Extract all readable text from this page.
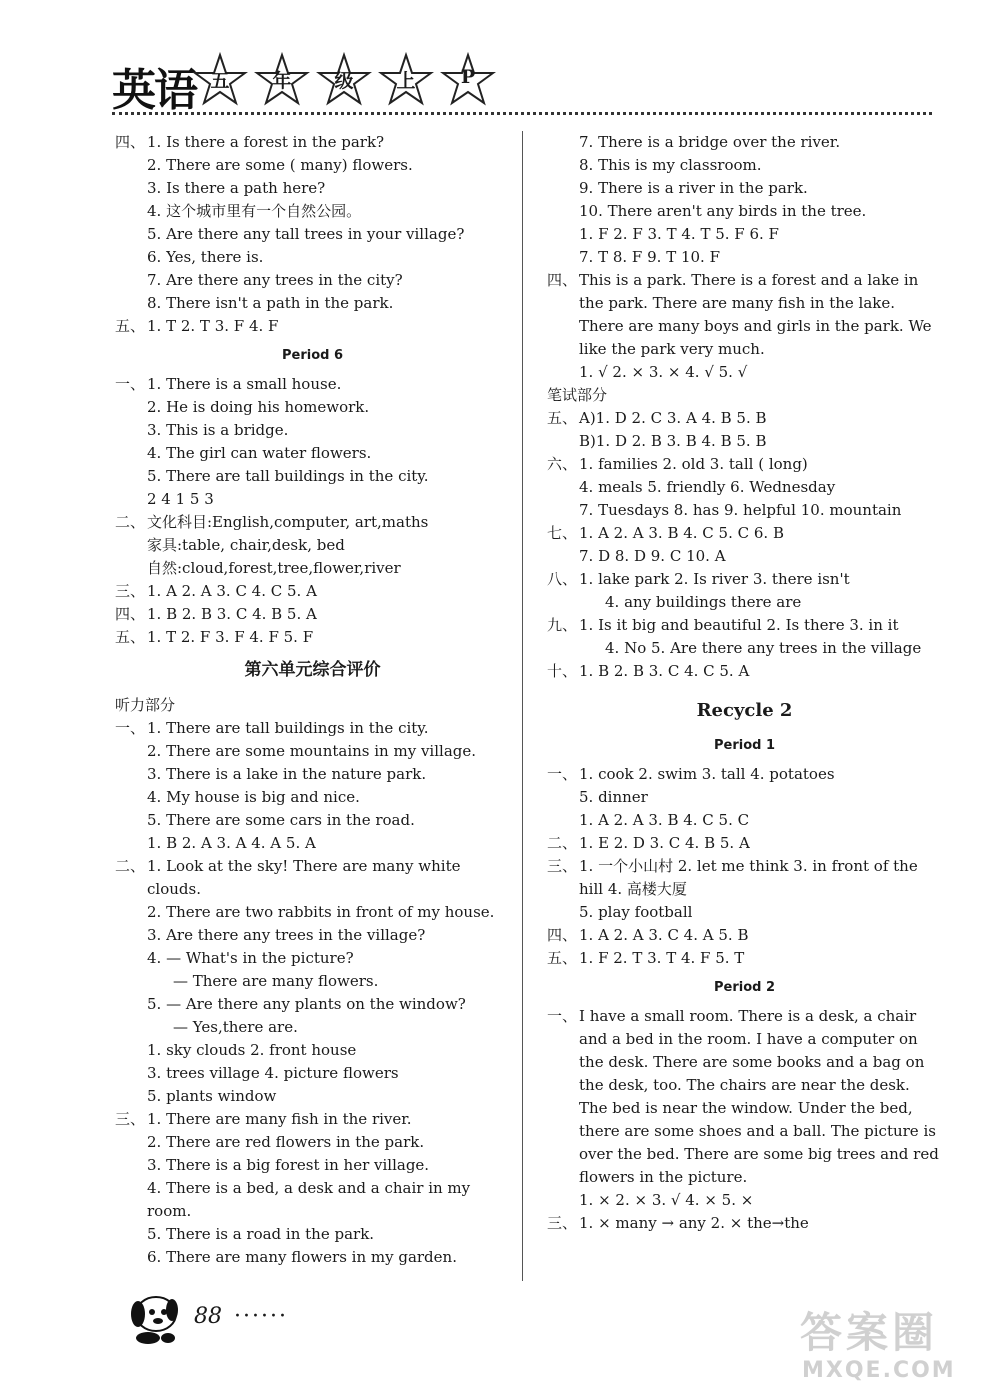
英语 五	年	级	上	P
四、 1. Is there a forest in the park?
2. There are some ( many) flowers.
3. Is there a path here?
4. 这个城市里有一个自然公园。
5. Are there any tall trees in your village?
6. Yes, there is.
7. Are there any trees in the city?
8. There isn't a path in the park.
五、 1. T 2. T 3. F 4. F
Period 6
一、 1. There is a small house.
2. He is doing his homework.
3. This is a bridge.
4. The girl can water flowers.
5. There are tall buildings in the city.
2 4 1 5 3
二、 文化科目:English,computer, art,maths
家具:table, chair,desk, bed
自然:cloud,forest,tree,flower,river
三、 1. A 2. A 3. C 4. C 5. A
四、 1. B 2. B 3. C 4. B 5. A
五、 1. T 2. F 3. F 4. F 5. F
第六单元综合评价
听力部分
一、 1. There are tall buildings in the city.
2. There are some mountains in my village.
3. There is a lake in the nature park.
4. My house is big and nice.
5. There are some cars in the road.
1. B 2. A 3. A 4. A 5. A
二、 1. Look at the sky! There are many white clouds.
2. There are two rabbits in front of my house.
3. Are there any trees in the village?
4. — What's in the picture?
— There are many flowers.
5. — Are there any plants on the window?
— Yes,there are.
1. sky clouds 2. front house
3. trees village 4. picture flowers
5. plants window
三、 1. There are many fish in the river.
2. There are red flowers in the park.
3. There is a big forest in her village.
4. There is a bed, a desk and a chair in my room.
5. There is a road in the park.
6. There are many flowers in my garden.
7. There is a bridge over the river.
8. This is my classroom.
9. There is a river in the park.
10. There aren't any birds in the tree.
1. F 2. F 3. T 4. T 5. F 6. F
7. T 8. F 9. T 10. F
四、 This is a park. There is a forest and a lake in the park. There are many fish in the lake. There are many boys and girls in the park. We like the park very much.
1. √ 2. × 3. × 4. √ 5. √
笔试部分
五、 A)1. D 2. C 3. A 4. B 5. B
B)1. D 2. B 3. B 4. B 5. B
六、 1. families 2. old 3. tall ( long)
4. meals 5. friendly 6. Wednesday
7. Tuesdays 8. has 9. helpful 10. mountain
七、 1. A 2. A 3. B 4. C 5. C 6. B
7. D 8. D 9. C 10. A
八、 1. lake park 2. Is river 3. there isn't
4. any buildings there are
九、 1. Is it big and beautiful 2. Is there 3. in it
4. No 5. Are there any trees in the village
十、 1. B 2. B 3. C 4. C 5. A
Recycle 2
Period 1
一、 1. cook 2. swim 3. tall 4. potatoes
5. dinner
1. A 2. A 3. B 4. C 5. C
二、 1. E 2. D 3. C 4. B 5. A
三、 1. 一个小山村 2. let me think 3. in front of the hill 4. 高楼大厦
5. play football
四、 1. A 2. A 3. C 4. A 5. B
五、 1. F 2. T 3. T 4. F 5. T
Period 2
一、 I have a small room. There is a desk, a chair and a bed in the room. I have a computer on the desk. There are some books and a bag on the desk, too. The chairs are near the desk. The bed is near the window. Under the bed, there are some shoes and a ball. The picture is over the bed. There are some big trees and red flowers in the picture.
1. × 2. × 3. √ 4. × 5. ×
三、 1. × many → any 2. × the→the
88 ······	答案圈
MXQE.COM
